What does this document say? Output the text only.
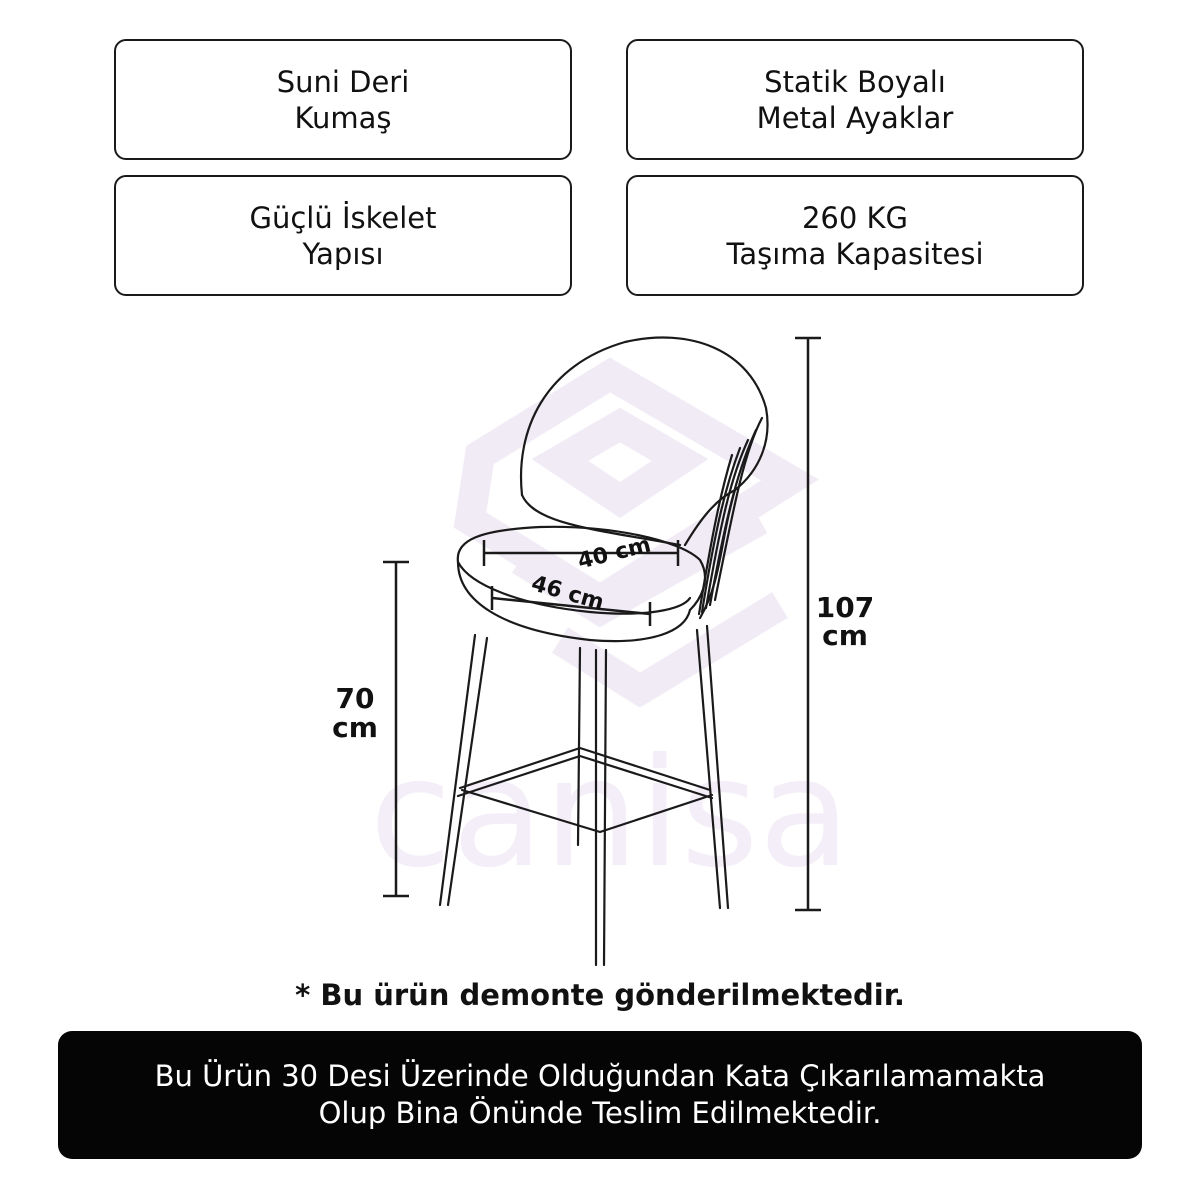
Suni Deri
Kumaş
Statik Boyalı
Metal Ayaklar
Güçlü İskelet
Yapısı
260 KG
Taşıma Kapasitesi
canisa
40 cm
46 cm	107
cm
70
cm
* Bu ürün demonte gönderilmektedir.
Bu Ürün 30 Desi Üzerinde Olduğundan Kata Çıkarılamamakta
Olup Bina Önünde Teslim Edilmektedir.
